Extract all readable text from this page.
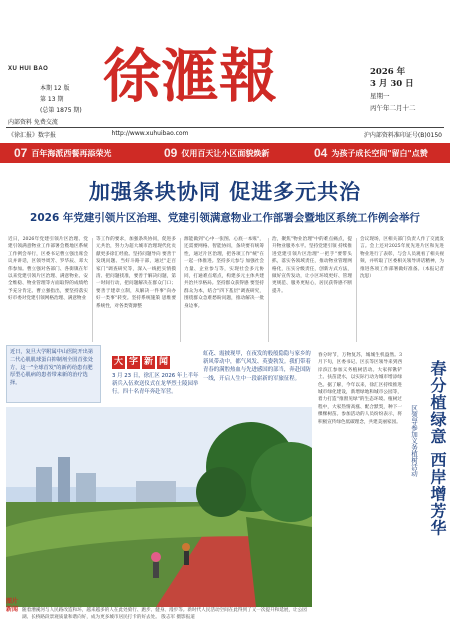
XU HUI BAO
本期 12 版
第 13 期
(总第 1875 期)
徐滙報	2026 年
3 月 30 日
星期一
丙午年二月十二
内部资料 免费交流
《徐汇报》数字报	http://www.xuhuibao.com	沪内部资料准印证号(B)0150
07 百年海派西餐再添荣光	09 仅用百天让小区面貌焕新	04 为孩子成长空间"留白"点赞
加强条块协同 促进多元共治
2026 年党建引领片区治理、党建引领满意物业工作部署会暨地区系统工作例会举行
近日，2026年党建引领片区治理、党建引领满意物业工作部署会暨地区系统工作例会举行，区委书记曹立强出席会议并讲话，区领导周芳、罗华辰、邓大伟参加。曹立强对各部门、各街镇在年以来党建引领片区治理、满意物业、安全维稳、物业管理等方面取得的成绩给予充分肯定。曹立强指出，要坚持落实好市委对党建引领网格治理、满意物业
等工作的要求，加强条块协同，促进多元共治，努力为超大城市治理现代化贡献更多徐汇经验。坚持问题导向 要善于发现问题、当好斗路干部，通过"走百家门"调查研究等，深入一线把实情摸清、把问题找准，要善于解决问题，第一时间行动，把问题解决在群众门口；要善于建章立制，从解决一件事"向办好一类事"转变。坚持系统施策 思维要系统性，对各类资源整
源能做到"心中一张图、心底一本账"，还需要网格、智能协同，条块要有统筹性，通过片区治理，把各项工作"统"在一起一体推进。坚持多元参与 加强社会力量、企业参与等，实现社会多元协同，打通难点堵点，构建多元主体共建共治共享格局。坚持群众获得感 要坚持群众为本，结合"四下基层"调查研究，围绕群众急难愁盼问题，推动解决一批身边事。
治，聚焦"物业治理"中的难点痛点，提升物业服务水平。坚持党建引领 持续推进党建引领片区治理"一把手"要带头抓，落实各领域责任，推动物业管理网格化，压实分级责任，创新方式方法，做好宣传发动，让小区环境更好、管理更规范、服务更贴心，居民获得感不断提升。
会议现场，区相关部门负责人作了交流发言。会上还对2025年度先进片区和先进物业进行了表彰，与会人员观看了相关视频，并听取了区委相关领导讲话精神，为推进各项工作部署做好准备。（本报记者 沈思）
近日，复旦大学附属中山医院开出第二代心肌肌球蛋白抑制剂全国首张处方，这一"全球首发"的新药给患有肥厚型心肌病的患者带来新的治疗选择。
大 字 新 闻
3 月 23 日，徐汇区 2026 年上半年新兵入伍欢送仪式在龙华烈士陵园举行。四十名青年奔赴军营。
虹花、霞披现甲，在夜发的般般隐隐与家乡的新风带动中，都气风发、英姿勃发。我们带着青春的满腔热血与先进感国的部当，奔赴国防一线，开启人生中一段崭新的军旅征程。
图片
新闻 随着漕溪河与人民路改造和环，越来越多的人在此处骑行、跑步、健身、漫步等。新时代人民活动空间在此得到了又一次提升和延展，让公园湖、长桥路段景观质量和谐向好，成为更多城市居民打卡的好去处。 殷志军 摄影报道
春分时节，万物复苏，城城生机盎然。3月下旬，区委书记、区长等区领导来到西岸滨江参加义务植树活动。大家挥锹铲土、扶苗浇水，以实际行动为城市增添绿色。据了解，今年以来，徐汇区持续推进城市绿化建设，新增绿地和城市公园等，着力打造"推窗见绿"的生态环境。植树过程中，大家热情高涨、配合默契，种下一棵棵树苗。参加活动的人员纷纷表示，将积极宣传绿色低碳理念，共建美丽家园。	区领导参加义务植树活动 春分植绿意 西岸增芳华
